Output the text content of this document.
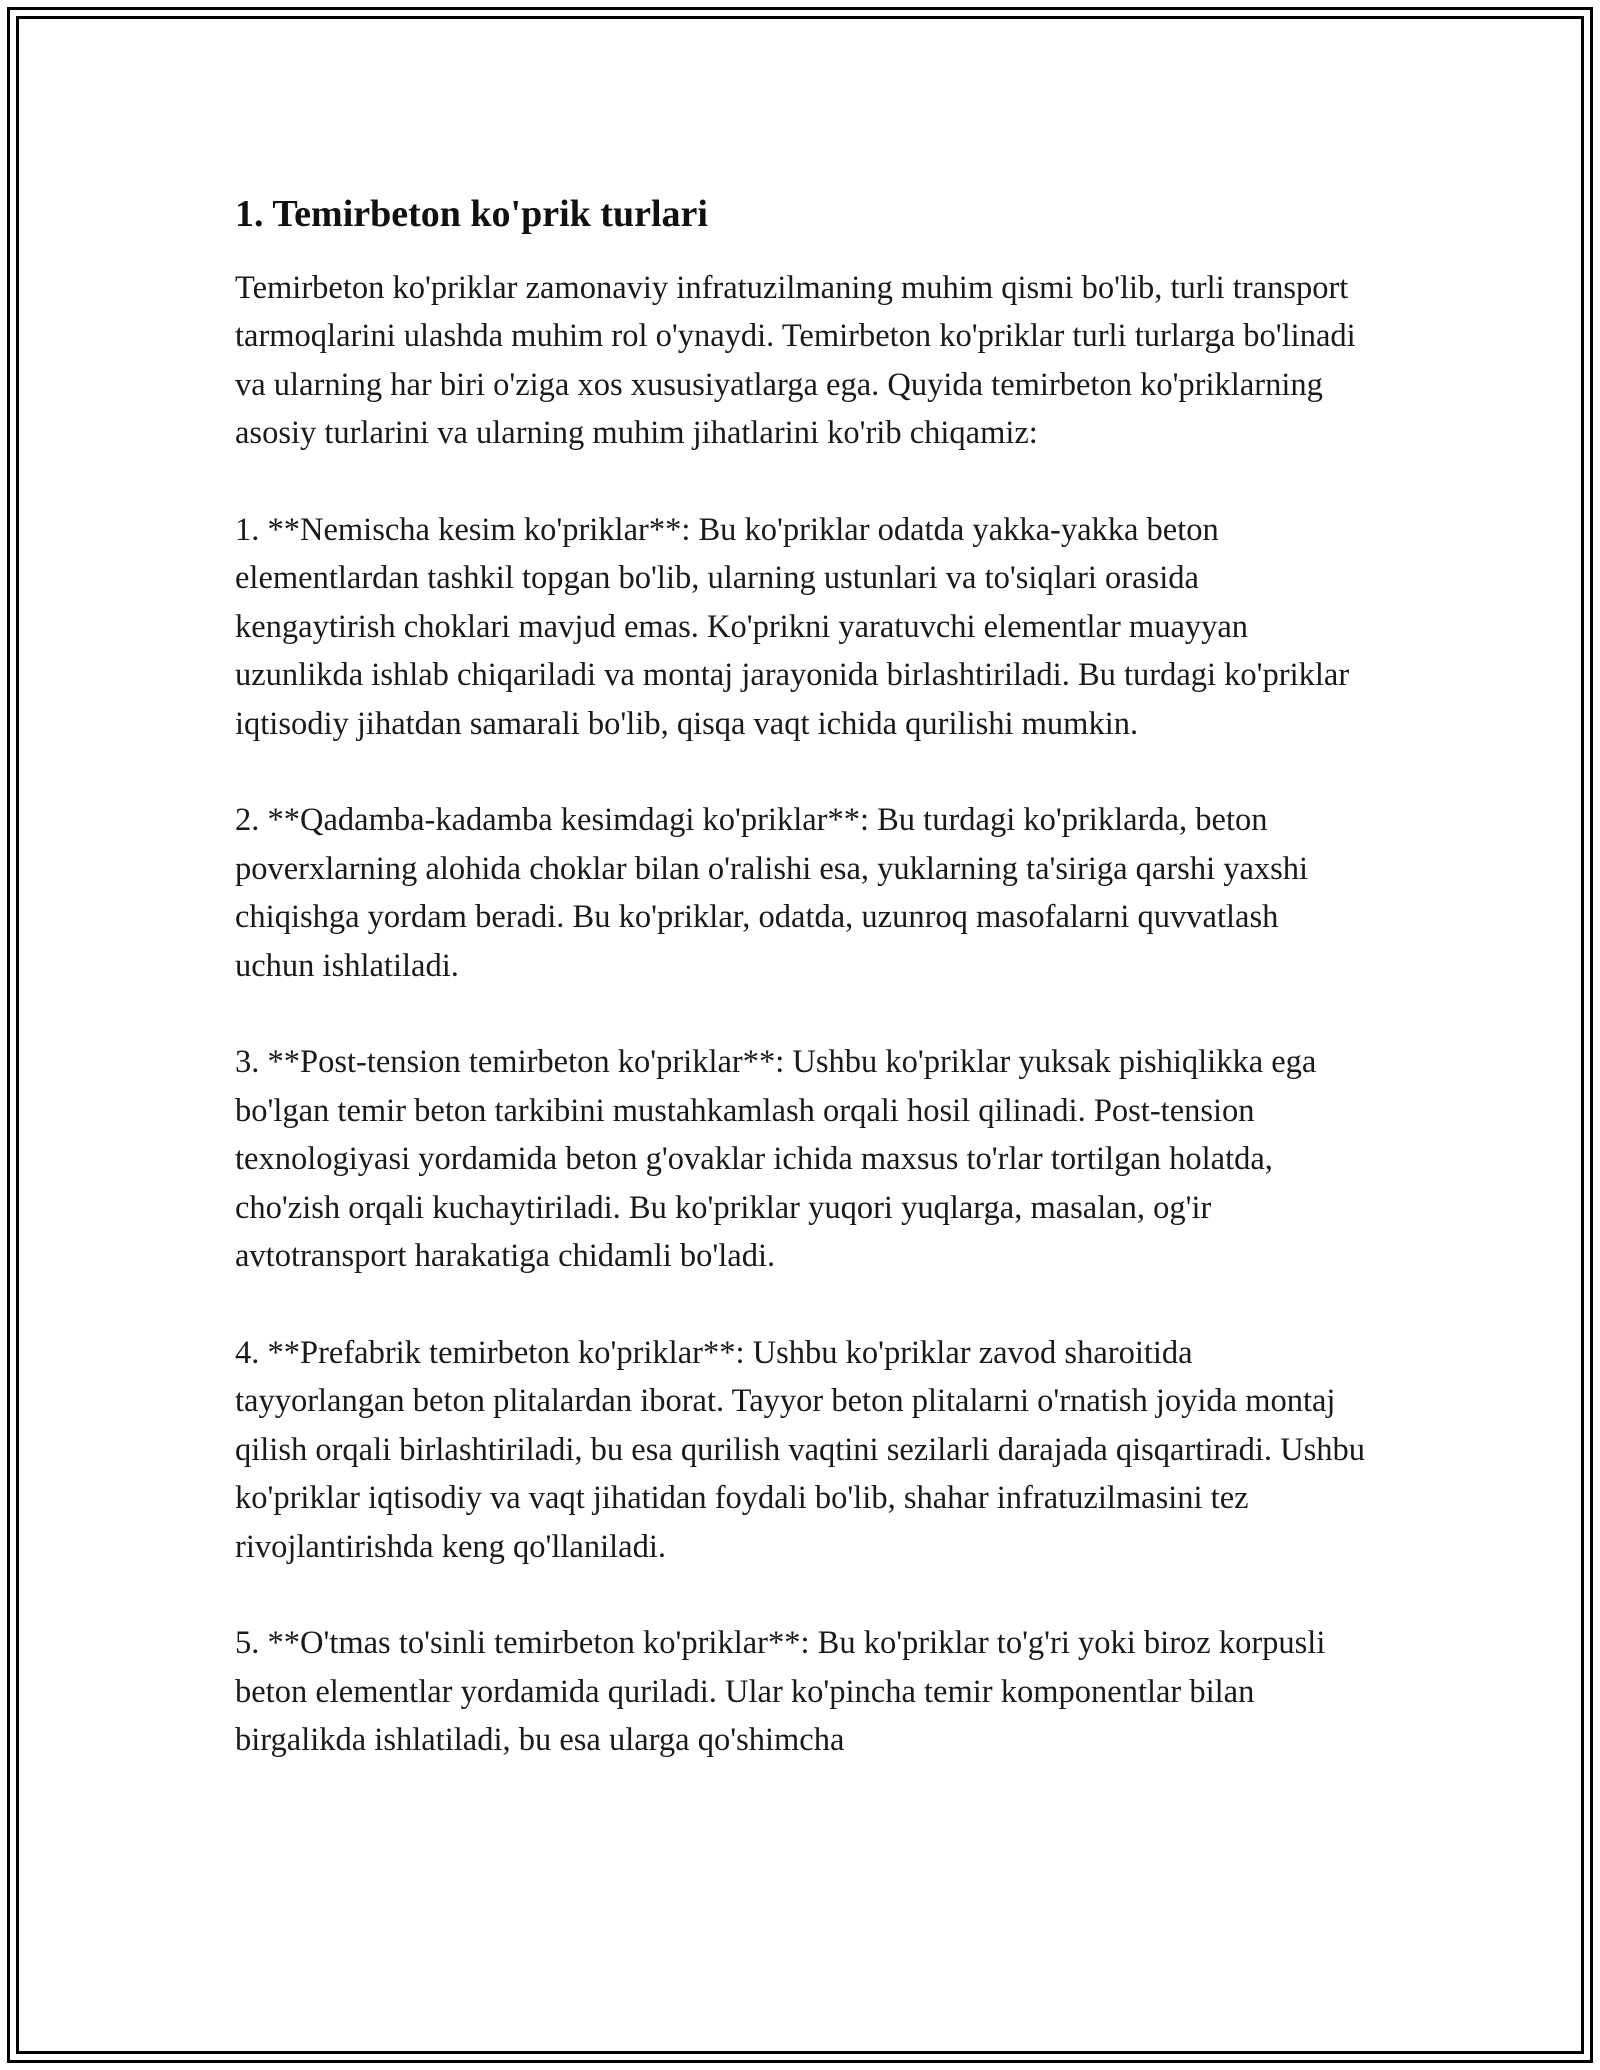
1. Temirbeton ko'prik turlari

Temirbeton ko'priklar zamonaviy infratuzilmaning muhim qismi bo'lib, turli transport tarmoqlarini ulashda muhim rol o'ynaydi. Temirbeton ko'priklar turli turlarga bo'linadi va ularning har biri o'ziga xos xususiyatlarga ega. Quyida temirbeton ko'priklarning asosiy turlarini va ularning muhim jihatlarini ko'rib chiqamiz:

1. **Nemischa kesim ko'priklar**: Bu ko'priklar odatda yakka-yakka beton elementlardan tashkil topgan bo'lib, ularning ustunlari va to'siqlari orasida kengaytirish choklari mavjud emas. Ko'prikni yaratuvchi elementlar muayyan uzunlikda ishlab chiqariladi va montaj jarayonida birlashtiriladi. Bu turdagi ko'priklar iqtisodiy jihatdan samarali bo'lib, qisqa vaqt ichida qurilishi mumkin.

2. **Qadamba-kadamba kesimdagi ko'priklar**: Bu turdagi ko'priklarda, beton poverxlarning alohida choklar bilan o'ralishi esa, yuklarning ta'siriga qarshi yaxshi chiqishga yordam beradi. Bu ko'priklar, odatda, uzunroq masofalarni quvvatlash uchun ishlatiladi.

3. **Post-tension temirbeton ko'priklar**: Ushbu ko'priklar yuksak pishiqlikka ega bo'lgan temir beton tarkibini mustahkamlash orqali hosil qilinadi. Post-tension texnologiyasi yordamida beton g'ovaklar ichida maxsus to'rlar tortilgan holatda, cho'zish orqali kuchaytiriladi. Bu ko'priklar yuqori yuqlarga, masalan, og'ir avtotransport harakatiga chidamli bo'ladi.

4. **Prefabrik temirbeton ko'priklar**: Ushbu ko'priklar zavod sharoitida tayyorlangan beton plitalardan iborat. Tayyor beton plitalarni o'rnatish joyida montaj qilish orqali birlashtiriladi, bu esa qurilish vaqtini sezilarli darajada qisqartiradi. Ushbu ko'priklar iqtisodiy va vaqt jihatidan foydali bo'lib, shahar infratuzilmasini tez rivojlantirishda keng qo'llaniladi.

5. **O'tmas to'sinli temirbeton ko'priklar**: Bu ko'priklar to'g'ri yoki biroz korpusli beton elementlar yordamida quriladi. Ular ko'pincha temir komponentlar bilan birgalikda ishlatiladi, bu esa ularga qo'shimcha
